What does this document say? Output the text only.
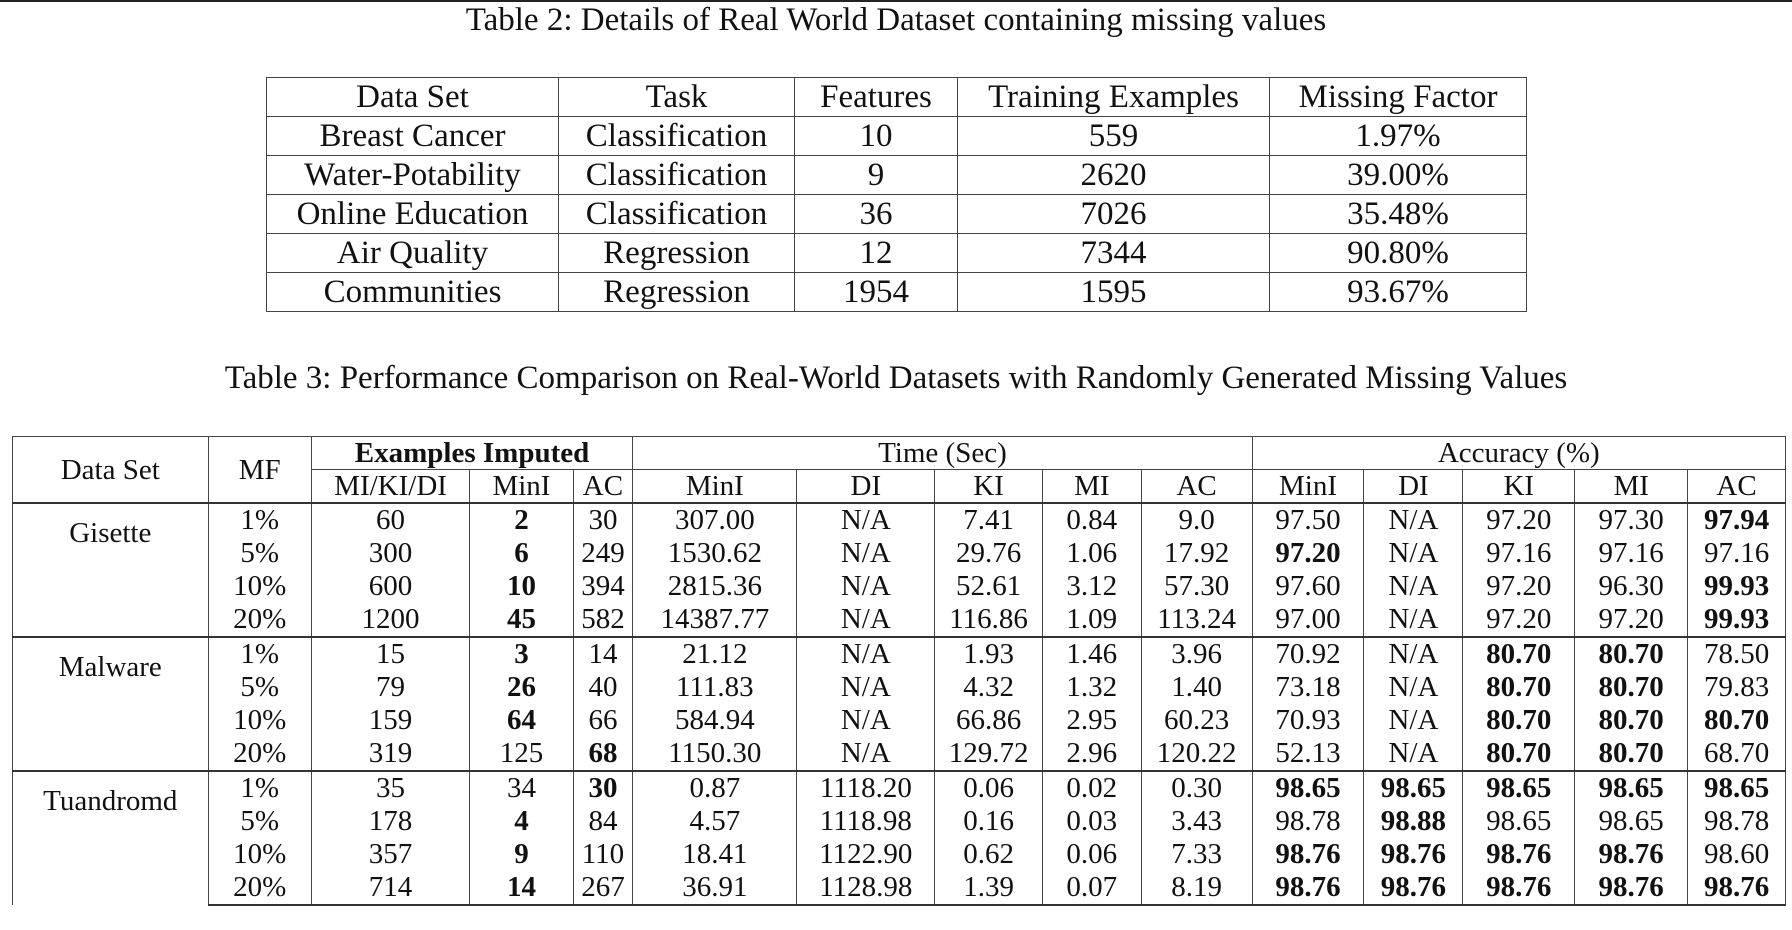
Table 2: Details of Real World Dataset containing missing values
Data Set	Task	Features	Training Examples	Missing Factor
Breast Cancer	Classification	10	559	1.97%
Water-Potability	Classification	9	2620	39.00%
Online Education	Classification	36	7026	35.48%
Air Quality	Regression	12	7344	90.80%
Communities	Regression	1954	1595	93.67%
Table 3: Performance Comparison on Real-World Datasets with Randomly Generated Missing Values
Data Set	MF	Examples Imputed			Time (Sec)					Accuracy (%)				
		MI/KI/DI	MinI	AC	MinI	DI	KI	MI	AC	MinI	DI	KI	MI	AC
Gisette	1%	60	2	30	307.00	N/A	7.41	0.84	9.0	97.50	N/A	97.20	97.30	97.94
	5%	300	6	249	1530.62	N/A	29.76	1.06	17.92	97.20	N/A	97.16	97.16	97.16
	10%	600	10	394	2815.36	N/A	52.61	3.12	57.30	97.60	N/A	97.20	96.30	99.93
	20%	1200	45	582	14387.77	N/A	116.86	1.09	113.24	97.00	N/A	97.20	97.20	99.93
Malware	1%	15	3	14	21.12	N/A	1.93	1.46	3.96	70.92	N/A	80.70	80.70	78.50
	5%	79	26	40	111.83	N/A	4.32	1.32	1.40	73.18	N/A	80.70	80.70	79.83
	10%	159	64	66	584.94	N/A	66.86	2.95	60.23	70.93	N/A	80.70	80.70	80.70
	20%	319	125	68	1150.30	N/A	129.72	2.96	120.22	52.13	N/A	80.70	80.70	68.70
Tuandromd	1%	35	34	30	0.87	1118.20	0.06	0.02	0.30	98.65	98.65	98.65	98.65	98.65
	5%	178	4	84	4.57	1118.98	0.16	0.03	3.43	98.78	98.88	98.65	98.65	98.78
	10%	357	9	110	18.41	1122.90	0.62	0.06	7.33	98.76	98.76	98.76	98.76	98.60
	20%	714	14	267	36.91	1128.98	1.39	0.07	8.19	98.76	98.76	98.76	98.76	98.76
